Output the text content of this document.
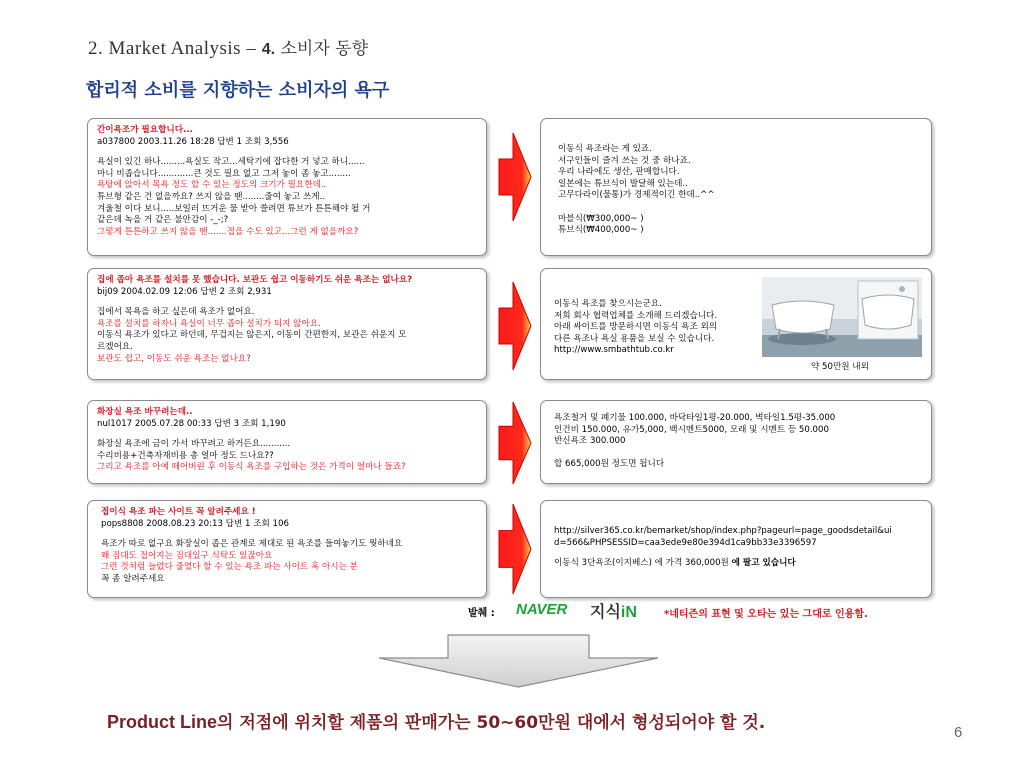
2. Market Analysis – 4. 소비자 동향
합리적 소비를 지향하는 소비자의 욕구
간이욕조가 필요합니다...
a037800 2003.11.26 18:28 답변 1 조회 3,556
욕실이 있긴 하나.........욕실도 작고...세탁기에 잡다한 거 넣고 하니......
마니 비좁습니다.............큰 것도 필요 없고 그저 놓이 좀 놓고........
욕탕에 앉아서 목욕 정도 할 수 있는 정도의 크기가 필요한데..
튜브형 같은 건 없을까요? 쓰지 않을 땐........줄여 놓고 쓰게..
겨울철 이다 보니.....보일러 뜨거운 물 받아 쓸려면 튜브가 튼튼해야 될 거
같은데 녹을 거 같은 불안감이 -_-;?
그렇게 튼튼하고 쓰지 않을 땐.......접을 수도 있고...그런 게 없을까요?
집에 좁아 욕조를 설치를 못 했습니다. 보관도 쉽고 이동하기도 쉬운 욕조는 없나요?
bij09 2004.02.09 12:06 답변 2 조회 2,931
집에서 목욕을 하고 싶은데 욕조가 없어요.
욕조를 설치를 하자니 욕실이 너무 좁아 설치가 되지 않아요.
이동식 욕조가 있다고 하던데, 무겁지는 않은지, 이동이 간편한지, 보관은 쉬운지 모
르겠어요.
보관도 쉽고, 이동도 쉬운 욕조는 없나요?
화장실 욕조 바꾸려는데..
nul1017 2005.07.28 00:33 답변 3 조회 1,190
화장실 욕조에 금이 가서 바꾸려고 하거든요...........
수리비용+건축자재비용 총 얼마 정도 드나요??
그리고 욕조를 아예 떼어버린 후 이동식 욕조를 구입하는 것은 가격이 얼마나 들죠?
접이식 욕조 파는 사이트 꼭 알려주세요 !
pops8808 2008.08.23 20:13 답변 1 조회 106
욕조가 따로 없구요 화장실이 좁은 관계로 제대로 된 욕조를 들여놓기도 뭣하네요
왜 짐대도 접어지는 짐대있구 식탁도 있잖아요
그런 것처럼 늘렸다 줄였다 할 수 있는 욕조 파는 사이트 혹 아시는 분
꼭 좀 알려주세요
이동식 욕조라는 게 있죠.
서구인들이 즐겨 쓰는 것 중 하나죠.
우리 나라에도 생산, 판매합니다.
일본에는 튜브식이 발달해 있는데..
고무다라이(물통)가 경제적이긴 한데..^^
마블식(₩300,000~ )
튜브식(₩400,000~ )
이동식 욕조를 찾으시는군요.
저희 회사 협력업체를 소개해 드리겠습니다.
아래 싸이트를 방문하시면 이동식 욕조 외의
다른 욕조나 욕실 용품을 보실 수 있습니다.
http://www.smbathtub.co.kr
약 50만원 내외
욕조철거 및 폐기물 100.000, 바닥타일1평-20.000, 벽타일1.5평-35.000
인건비 150.000, 유가5,000, 백시멘트5000, 모래 및 시멘트 등 50.000
반신욕조 300.000
합 665,000원 정도면 됩니다
http://silver365.co.kr/bemarket/shop/index.php?pageurl=page_goodsdetail&ui
d=566&PHPSESSID=caa3ede9e80e394d1ca9bb33e3396597
이동식 3단욕조(이지베스) 에 가격 360,000원 에 팔고 있습니다
발췌 : NAVER 지식iN	*네티즌의 표현 및 오타는 있는 그대로 인용함.
Product Line의 저점에 위치할 제품의 판매가는 50~60만원 대에서 형성되어야 할 것.	6
